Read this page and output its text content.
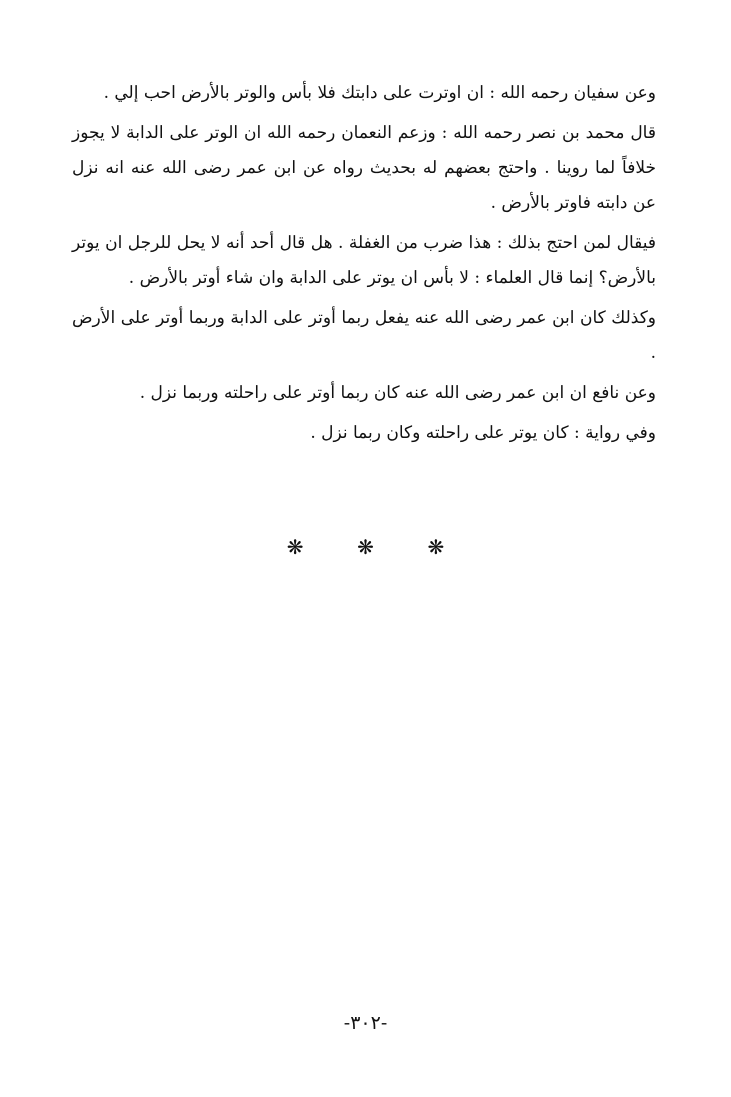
وعن سفيان رحمه الله : ان اوترت على دابتك فلا بأس والوتر بالأرض احب إلي .

قال محمد بن نصر رحمه الله : وزعم النعمان رحمه الله ان الوتر على الدابة لا يجوز خلافاً لما روينا . واحتج بعضهم له بحديث رواه عن ابن عمر رضى الله عنه انه نزل عن دابته فاوتر بالأرض .

فيقال لمن احتج بذلك : هذا ضرب من الغفلة . هل قال أحد أنه لا يحل للرجل ان يوتر بالأرض؟ إنما قال العلماء : لا بأس ان يوتر على الدابة وان شاء أوتر بالأرض .

وكذلك كان ابن عمر رضى الله عنه يفعل ربما أوتر على الدابة وربما أوتر على الأرض .

وعن نافع ان ابن عمر رضى الله عنه كان ربما أوتر على راحلته وربما نزل .

وفي رواية : كان يوتر على راحلته وكان ربما نزل .

❋	❋	❋
-٣٠٢-
